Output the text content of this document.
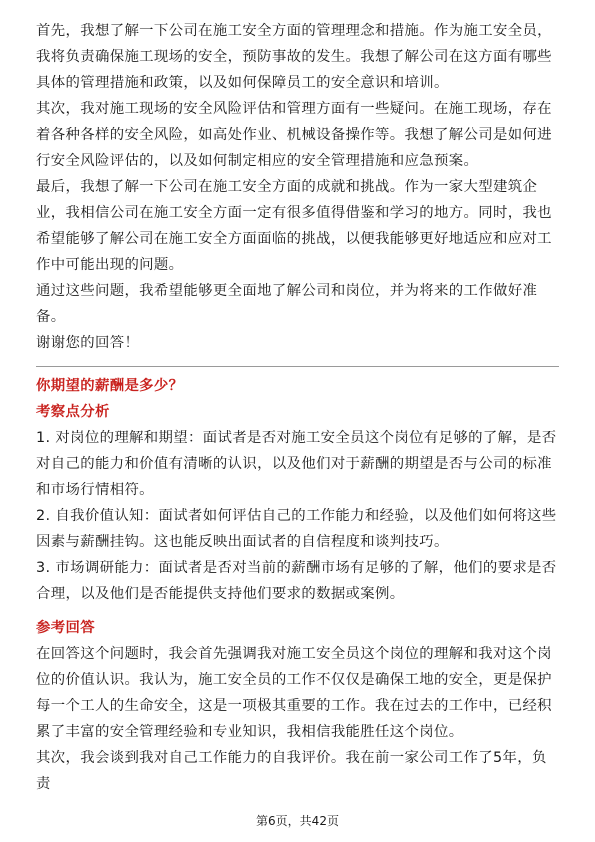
首先，我想了解一下公司在施工安全方面的管理理念和措施。作为施工安全员，我将负责确保施工现场的安全，预防事故的发生。我想了解公司在这方面有哪些具体的管理措施和政策，以及如何保障员工的安全意识和培训。

其次，我对施工现场的安全风险评估和管理方面有一些疑问。在施工现场，存在着各种各样的安全风险，如高处作业、机械设备操作等。我想了解公司是如何进行安全风险评估的，以及如何制定相应的安全管理措施和应急预案。

最后，我想了解一下公司在施工安全方面的成就和挑战。作为一家大型建筑企业，我相信公司在施工安全方面一定有很多值得借鉴和学习的地方。同时，我也希望能够了解公司在施工安全方面面临的挑战，以便我能够更好地适应和应对工作中可能出现的问题。

通过这些问题，我希望能够更全面地了解公司和岗位，并为将来的工作做好准备。

谢谢您的回答！

你期望的薪酬是多少？

考察点分析

1. 对岗位的理解和期望：面试者是否对施工安全员这个岗位有足够的了解，是否对自己的能力和价值有清晰的认识，以及他们对于薪酬的期望是否与公司的标准和市场行情相符。

2. 自我价值认知：面试者如何评估自己的工作能力和经验，以及他们如何将这些因素与薪酬挂钩。这也能反映出面试者的自信程度和谈判技巧。

3. 市场调研能力：面试者是否对当前的薪酬市场有足够的了解，他们的要求是否合理，以及他们是否能提供支持他们要求的数据或案例。

参考回答

在回答这个问题时，我会首先强调我对施工安全员这个岗位的理解和我对这个岗位的价值认识。我认为，施工安全员的工作不仅仅是确保工地的安全，更是保护每一个工人的生命安全，这是一项极其重要的工作。我在过去的工作中，已经积累了丰富的安全管理经验和专业知识，我相信我能胜任这个岗位。

其次，我会谈到我对自己工作能力的自我评价。我在前一家公司工作了5年，负责

第6页，共42页
